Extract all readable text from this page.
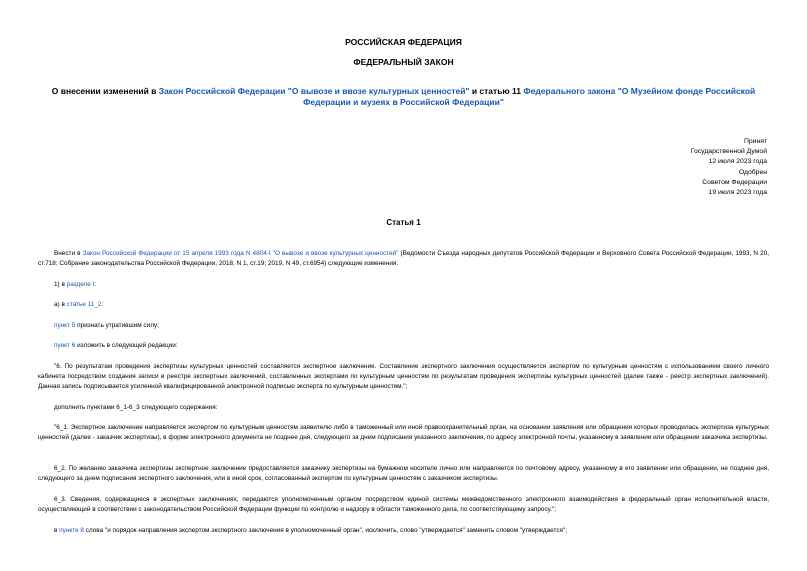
РОССИЙСКАЯ ФЕДЕРАЦИЯ
ФЕДЕРАЛЬНЫЙ ЗАКОН
О внесении изменений в Закон Российской Федерации "О вывозе и ввозе культурных ценностей" и статью 11 Федерального закона "О Музейном фонде Российской Федерации и музеях в Российской Федерации"
Принят
Государственной Думой
12 июля 2023 года
Одобрен
Советом Федерации
19 июля 2023 года
Статья 1

Внести в Закон Российской Федерации от 15 апреля 1993 года N 4804-I "О вывозе и ввозе культурных ценностей" (Ведомости Съезда народных депутатов Российской Федерации и Верховного Совета Российской Федерации, 1993, N 20, ст.718; Собрание законодательства Российской Федерации, 2018, N 1, ст.19; 2019, N 49, ст.6954) следующие изменения:

1) в разделе I:

а) в статье 11_2:

пункт 5 признать утратившим силу;

пункт 6 изложить в следующей редакции:

"6. По результатам проведения экспертизы культурных ценностей составляется экспертное заключение. Составление экспертного заключения осуществляется экспертом по культурным ценностям с использованием своего личного кабинета посредством создания записи в реестре экспертных заключений, составленных экспертами по культурным ценностям по результатам проведения экспертизы культурных ценностей (далее также - реестр экспертных заключений). Данная запись подписывается усиленной квалифицированной электронной подписью эксперта по культурным ценностям.";

дополнить пунктами 6_1-6_3 следующего содержания:

"6_1. Экспертное заключение направляется экспертом по культурным ценностям заявителю либо в таможенный или иной правоохранительный орган, на основании заявления или обращения которых проводилась экспертиза культурных ценностей (далее - заказчик экспертизы), в форме электронного документа не позднее дня, следующего за днем подписания указанного заключения, по адресу электронной почты, указанному в заявлении или обращении заказчика экспертизы.

6_2. По желанию заказчика экспертизы экспертное заключение предоставляется заказчику экспертизы на бумажном носителе лично или направляется по почтовому адресу, указанному в его заявлении или обращении, не позднее дня, следующего за днем подписания экспертного заключения, или в иной срок, согласованный экспертом по культурным ценностям с заказчиком экспертизы.

6_3. Сведения, содержащиеся в экспертных заключениях, передаются уполномоченным органом посредством единой системы межведомственного электронного взаимодействия в федеральный орган исполнительной власти, осуществляющий в соответствии с законодательством Российской Федерации функции по контролю и надзору в области таможенного дела, по соответствующему запросу.";

в пункте 8 слова "и порядок направления экспертом экспертного заключения в уполномоченный орган", исключить, слово "утверждается" заменить словом "утверждается";
